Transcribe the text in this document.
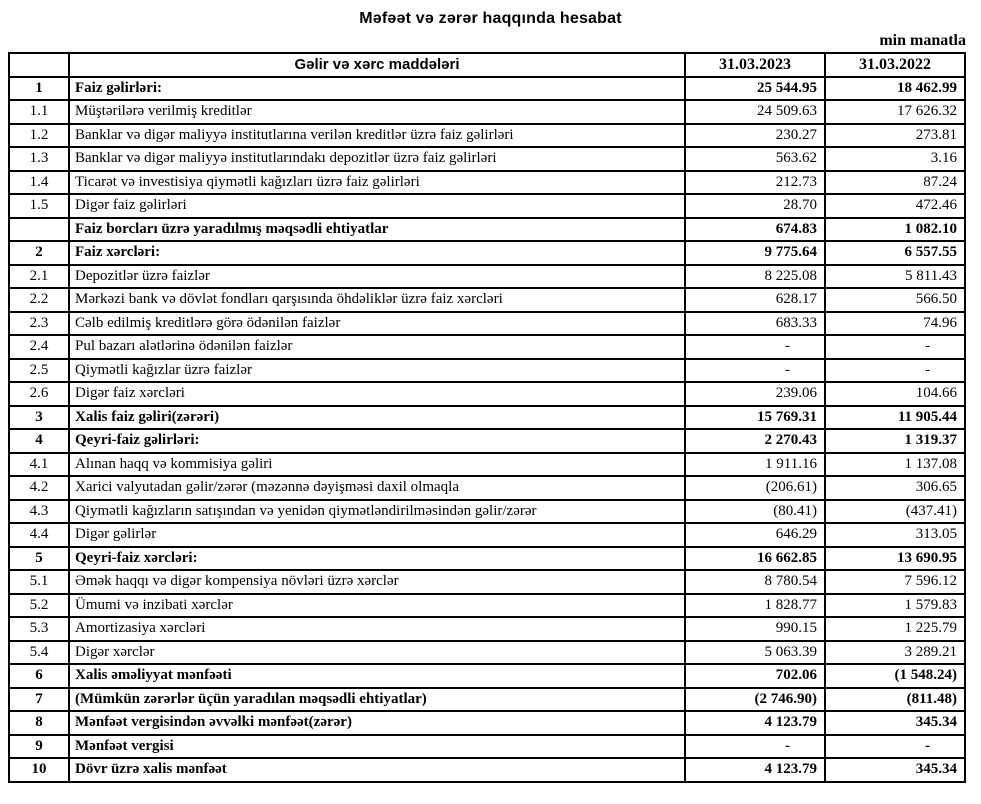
Məfəət və zərər haqqında hesabat
min manatla
	Gəlir və xərc maddələri	31.03.2023	31.03.2022
1	Faiz gəlirləri:	25 544.95	18 462.99
1.1	Müştərilərə verilmiş kreditlər	24 509.63	17 626.32
1.2	Banklar və digər maliyyə institutlarına verilən kreditlər üzrə faiz gəlirləri	230.27	273.81
1.3	Banklar və digər maliyyə institutlarındakı depozitlər üzrə faiz gəlirləri	563.62	3.16
1.4	Ticarət və investisiya qiymətli kağızları üzrə faiz gəlirləri	212.73	87.24
1.5	Digər faiz gəlirləri	28.70	472.46
	Faiz borcları üzrə yaradılmış məqsədli ehtiyatlar	674.83	1 082.10
2	Faiz xərcləri:	9 775.64	6 557.55
2.1	Depozitlər üzrə faizlər	8 225.08	5 811.43
2.2	Mərkəzi bank və dövlət fondları qarşısında öhdəliklər üzrə faiz xərcləri	628.17	566.50
2.3	Cəlb edilmiş kreditlərə görə ödənilən faizlər	683.33	74.96
2.4	Pul bazarı alətlərinə ödənilən faizlər	-	-
2.5	Qiymətli kağızlar üzrə faizlər	-	-
2.6	Digər faiz xərcləri	239.06	104.66
3	Xalis faiz gəliri(zərəri)	15 769.31	11 905.44
4	Qeyri-faiz gəlirləri:	2 270.43	1 319.37
4.1	Alınan haqq və kommisiya gəliri	1 911.16	1 137.08
4.2	Xarici valyutadan gəlir/zərər (məzənnə dəyişməsi daxil olmaqla	(206.61)	306.65
4.3	Qiymətli kağızların satışından və yenidən qiymətləndirilməsindən gəlir/zərər	(80.41)	(437.41)
4.4	Digər gəlirlər	646.29	313.05
5	Qeyri-faiz xərcləri:	16 662.85	13 690.95
5.1	Əmək haqqı və digər kompensiya növləri üzrə xərclər	8 780.54	7 596.12
5.2	Ümumi və inzibati xərclər	1 828.77	1 579.83
5.3	Amortizasiya xərcləri	990.15	1 225.79
5.4	Digər xərclər	5 063.39	3 289.21
6	Xalis əməliyyat mənfəəti	702.06	(1 548.24)
7	(Mümkün zərərlər üçün yaradılan məqsədli ehtiyatlar)	(2 746.90)	(811.48)
8	Mənfəət vergisindən əvvəlki mənfəət(zərər)	4 123.79	345.34
9	Mənfəət vergisi	-	-
10	Dövr üzrə xalis mənfəət	4 123.79	345.34
